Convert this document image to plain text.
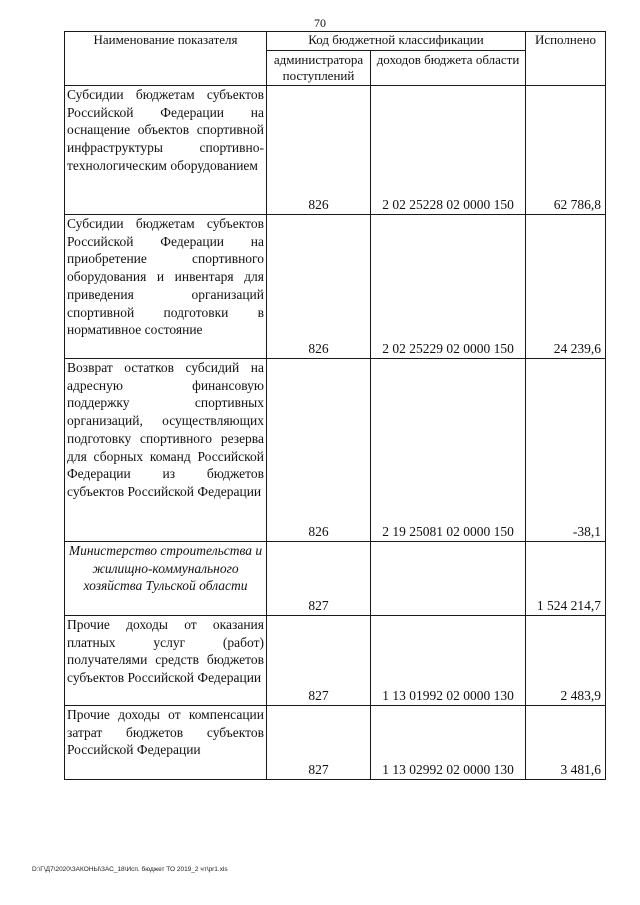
70
Наименование показателя	Код бюджетной классификации		Исполнено

	администратора поступлений	доходов бюджета области	

Субсидии бюджетам субъектов Российской Федерации на оснащение объектов спортивной инфраструктуры спортивно-технологическим оборудованием	826	2 02 25228 02 0000 150	62 786,8
Субсидии бюджетам субъектов Российской Федерации на приобретение спортивного оборудования и инвентаря для приведения организаций спортивной подготовки в нормативное состояние	826	2 02 25229 02 0000 150	24 239,6
Возврат остатков субсидий на адресную финансовую поддержку спортивных организаций, осуществляющих подготовку спортивного резерва для сборных команд Российской Федерации из бюджетов субъектов Российской Федерации	826	2 19 25081 02 0000 150	-38,1
Министерство строительства и жилищно-коммунального хозяйства Тульской области	827		1 524 214,7
Прочие доходы от оказания платных услуг (работ) получателями средств бюджетов субъектов Российской Федерации	827	1 13 01992 02 0000 130	2 483,9
Прочие доходы от компенсации затрат бюджетов субъектов Российской Федерации	827	1 13 02992 02 0000 130	3 481,6
D:\Г\Д7\2020\ЗАКОНЫ\ЗАС_18\Исп. бюджет ТО 2019_2 чт\pr1.xls
